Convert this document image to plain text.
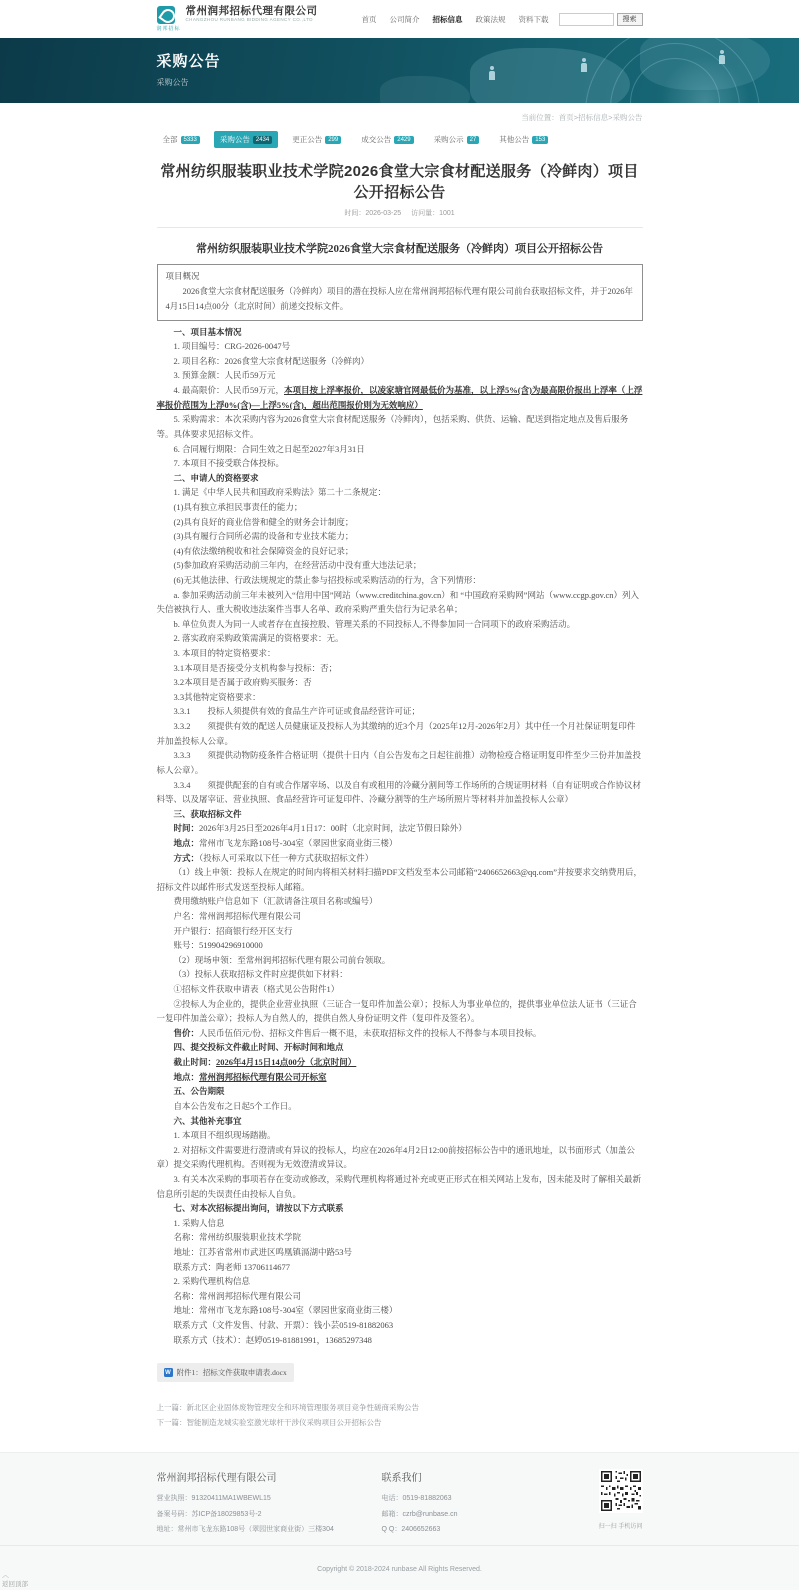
润邦招标
常州润邦招标代理有限公司
CHANGZHOU RUNBANG BIDDING AGENCY CO.,LTD	首页 公司简介 招标信息 政策法规 资料下载	搜索
采购公告
采购公告
当前位置：首页>招标信息>采购公告
全部	5333	采购公告	2434	更正公告	299	成交公告	2429	采购公示	27	其他公告	153
常州纺织服装职业技术学院2026食堂大宗食材配送服务（冷鲜肉）项目公开招标公告
时间：2026-03-25 访问量：1001
常州纺织服装职业技术学院2026食堂大宗食材配送服务（冷鲜肉）项目公开招标公告
项目概况
2026食堂大宗食材配送服务（冷鲜肉）项目的潜在投标人应在常州润邦招标代理有限公司前台获取招标文件，并于2026年4月15日14点00分（北京时间）前递交投标文件。

一、项目基本情况

1. 项目编号：CRG-2026-0047号

2. 项目名称：2026食堂大宗食材配送服务（冷鲜肉）

3. 预算金额：人民币59万元

4. 最高限价：人民币59万元，本项目按上浮率报价，以凌家塘官网最低价为基准，以上浮5%(含)为最高限价报出上浮率（上浮率报价范围为上浮0%(含)—上浮5%(含)，超出范围报价则为无效响应）

5. 采购需求：本次采购内容为2026食堂大宗食材配送服务（冷鲜肉），包括采购、供货、运输、配送到指定地点及售后服务等。具体要求见招标文件。

6. 合同履行期限：合同生效之日起至2027年3月31日

7. 本项目不接受联合体投标。

二、申请人的资格要求

1. 满足《中华人民共和国政府采购法》第二十二条规定：

(1)具有独立承担民事责任的能力；

(2)具有良好的商业信誉和健全的财务会计制度；

(3)具有履行合同所必需的设备和专业技术能力；

(4)有依法缴纳税收和社会保障资金的良好记录；

(5)参加政府采购活动前三年内，在经营活动中没有重大违法记录；

(6)无其他法律、行政法规规定的禁止参与招投标或采购活动的行为，含下列情形：

a. 参加采购活动前三年未被列入“信用中国”网站（www.creditchina.gov.cn）和 “中国政府采购网”网站（www.ccgp.gov.cn）列入失信被执行人、重大税收违法案件当事人名单、政府采购严重失信行为记录名单；

b. 单位负责人为同一人或者存在直接控股、管理关系的不同投标人,不得参加同一合同项下的政府采购活动。

2. 落实政府采购政策需满足的资格要求：无。

3. 本项目的特定资格要求：

3.1本项目是否接受分支机构参与投标：否；

3.2本项目是否属于政府购买服务：否

3.3其他特定资格要求：

3.3.1　　投标人须提供有效的食品生产许可证或食品经营许可证；

3.3.2　　须提供有效的配送人员健康证及投标人为其缴纳的近3个月（2025年12月-2026年2月）其中任一个月社保证明复印件并加盖投标人公章。

3.3.3　　须提供动物防疫条件合格证明（提供十日内（自公告发布之日起往前推）动物检疫合格证明复印件至少三份并加盖投标人公章）。

3.3.4　　须提供配套的自有或合作屠宰场、以及自有或租用的冷藏分割间等工作场所的合规证明材料（自有证明或合作协议材料等、以及屠宰证、营业执照、食品经营许可证复印件、冷藏分割等的生产场所照片等材料并加盖投标人公章）

三、获取招标文件

时间：2026年3月25日至2026年4月1日17：00时（北京时间，法定节假日除外）

地点：常州市飞龙东路108号-304室（翠园世家商业街三楼）

方式：（投标人可采取以下任一种方式获取招标文件）

（1）线上申领：投标人在规定的时间内将相关材料扫描PDF文档发至本公司邮箱“2406652663@qq.com”并按要求交纳费用后，招标文件以邮件形式发送至投标人邮箱。

费用缴纳账户信息如下（汇款请备注项目名称或编号）

户名：常州润邦招标代理有限公司

开户银行：招商银行经开区支行

账号：519904296910000

（2）现场申领：至常州润邦招标代理有限公司前台领取。

（3）投标人获取招标文件时应提供如下材料：

①招标文件获取申请表（格式见公告附件1）

②投标人为企业的，提供企业营业执照（三证合一复印件加盖公章）；投标人为事业单位的，提供事业单位法人证书（三证合一复印件加盖公章）；投标人为自然人的，提供自然人身份证明文件（复印件及签名）。

售价：人民币伍佰元/份、招标文件售后一概不退，未获取招标文件的投标人不得参与本项目投标。

四、提交投标文件截止时间、开标时间和地点

截止时间：2026年4月15日14点00分（北京时间）

地点：常州润邦招标代理有限公司开标室

五、公告期限

自本公告发布之日起5个工作日。

六、其他补充事宜

1. 本项目不组织现场踏勘。

2. 对招标文件需要进行澄清或有异议的投标人，均应在2026年4月2日12:00前按招标公告中的通讯地址，以书面形式（加盖公章）提交采购代理机构。否则视为无效澄清或异议。

3. 有关本次采购的事项若存在变动或修改，采购代理机构将通过补充或更正形式在相关网站上发布，因未能及时了解相关最新信息所引起的失误责任由投标人自负。

七、对本次招标提出询问，请按以下方式联系

1. 采购人信息

名称：常州纺织服装职业技术学院

地址：江苏省常州市武进区鸣凰镇滆湖中路53号

联系方式：陶老师 13706114677

2. 采购代理机构信息

名称：常州润邦招标代理有限公司

地址：常州市飞龙东路108号-304室（翠园世家商业街三楼）

联系方式（文件发售、付款、开票）：钱小芸0519-81882063

联系方式（技术）：赵婷0519-81881991，13685297348

W 附件1：招标文件获取申请表.docx
上一篇：新北区企业固体废物管理安全和环境管理服务项目竞争性磋商采购公告
下一篇：智能制造龙城实验室激光球杆干涉仪采购项目公开招标公告
常州润邦招标代理有限公司
营业执照：91320411MA1WBEWL15
备案号码：苏ICP备18029853号-2
地址：常州市飞龙东路108号（翠园世家商业街）三楼304
联系我们
电话：0519-81882063
邮箱：czrb@runbase.cn
Q Q：2406652663	扫一扫 手机访问
Copyright © 2018-2024 runbase All Rights Reserved.
︿
返回顶部
